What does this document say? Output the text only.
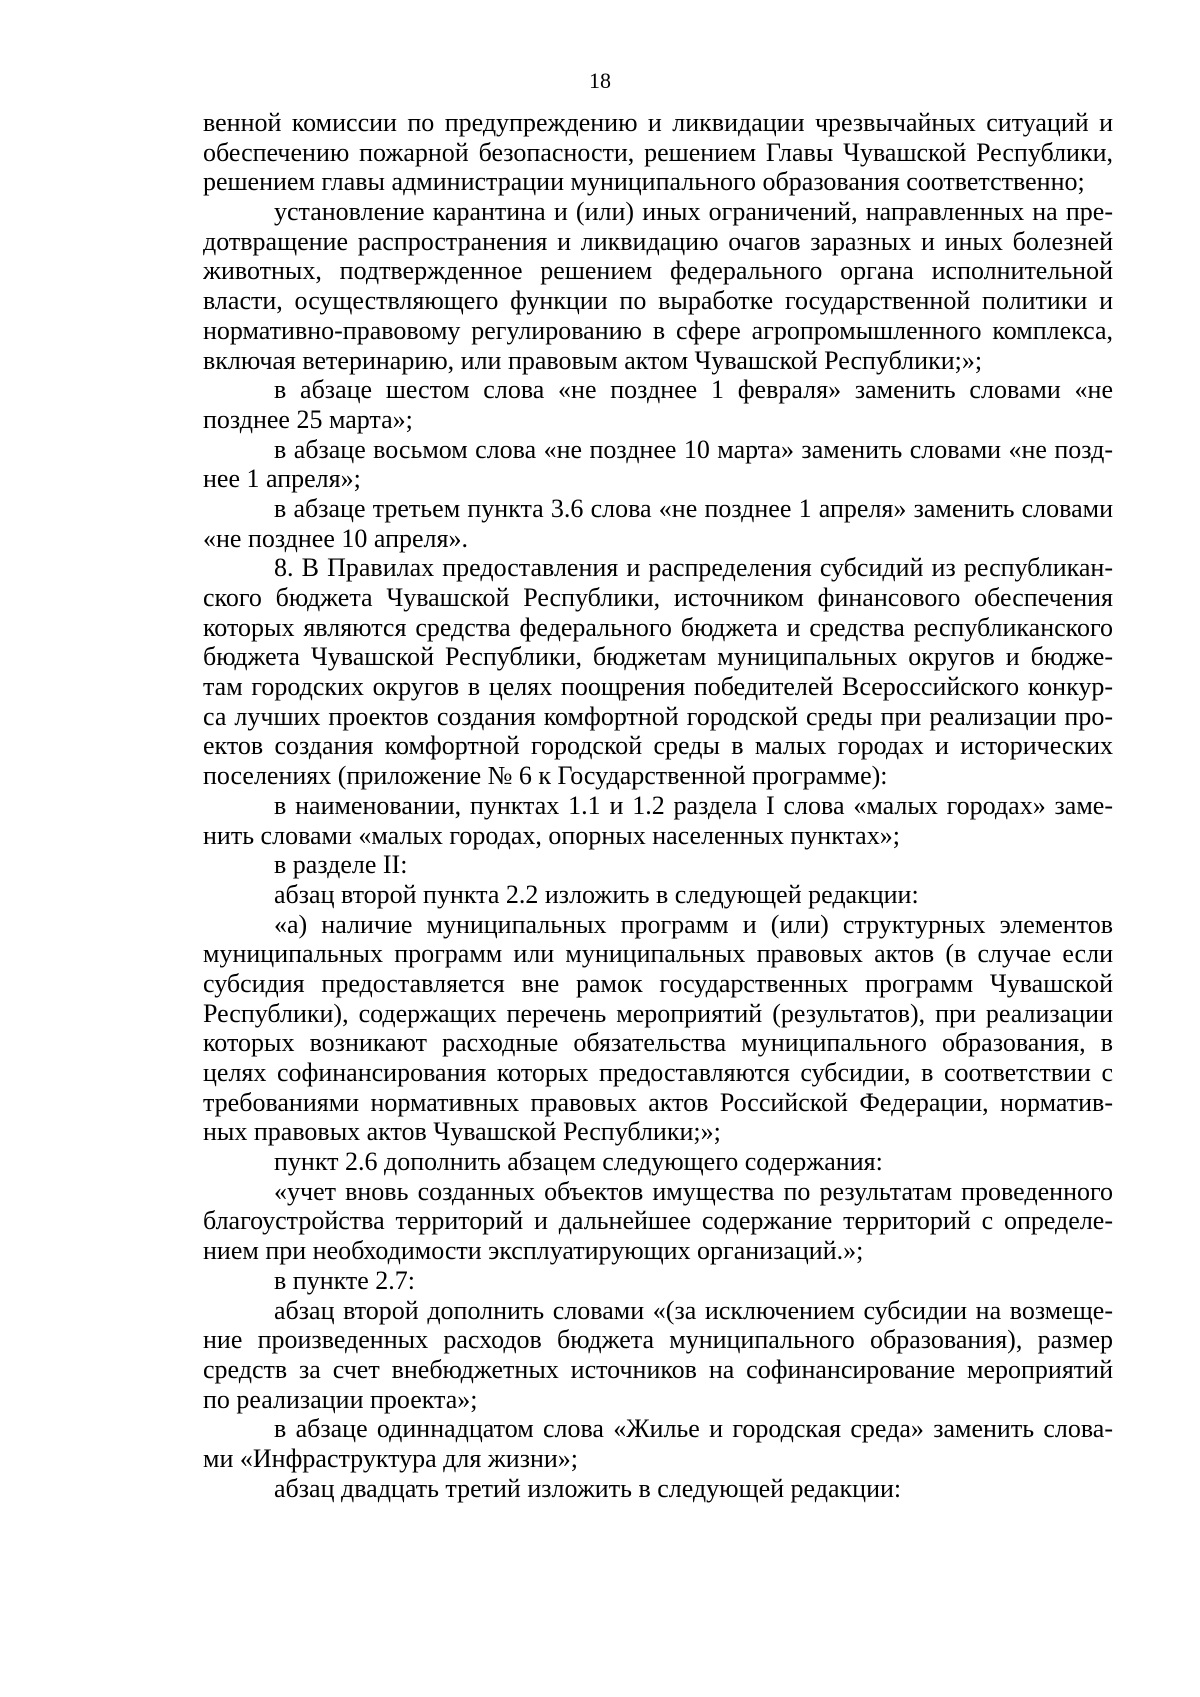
18
венной комиссии по предупреждению и ликвидации чрезвычайных ситуаций и
обеспечению пожарной безопасности, решением Главы Чувашской Республики,
решением главы администрации муниципального образования соответственно;
установление карантина и (или) иных ограничений, направленных на пре-
дотвращение распространения и ликвидацию очагов заразных и иных болезней
животных, подтвержденное решением федерального органа исполнительной
власти, осуществляющего функции по выработке государственной политики и
нормативно-правовому регулированию в сфере агропромышленного комплекса,
включая ветеринарию, или правовым актом Чувашской Республики;»;
в абзаце шестом слова «не позднее 1 февраля» заменить словами «не
позднее 25 марта»;
в абзаце восьмом слова «не позднее 10 марта» заменить словами «не позд-
нее 1 апреля»;
в абзаце третьем пункта 3.6 слова «не позднее 1 апреля» заменить словами
«не позднее 10 апреля».
8. В Правилах предоставления и распределения субсидий из республикан-
ского бюджета Чувашской Республики, источником финансового обеспечения
которых являются средства федерального бюджета и средства республиканского
бюджета Чувашской Республики, бюджетам муниципальных округов и бюдже-
там городских округов в целях поощрения победителей Всероссийского конкур-
са лучших проектов создания комфортной городской среды при реализации про-
ектов создания комфортной городской среды в малых городах и исторических
поселениях (приложение № 6 к Государственной программе):
в наименовании, пунктах 1.1 и 1.2 раздела I слова «малых городах» заме-
нить словами «малых городах, опорных населенных пунктах»;
в разделе II:
абзац второй пункта 2.2 изложить в следующей редакции:
«а) наличие муниципальных программ и (или) структурных элементов
муниципальных программ или муниципальных правовых актов (в случае если
субсидия предоставляется вне рамок государственных программ Чувашской
Республики), содержащих перечень мероприятий (результатов), при реализации
которых возникают расходные обязательства муниципального образования, в
целях софинансирования которых предоставляются субсидии, в соответствии с
требованиями нормативных правовых актов Российской Федерации, норматив-
ных правовых актов Чувашской Республики;»;
пункт 2.6 дополнить абзацем следующего содержания:
«учет вновь созданных объектов имущества по результатам проведенного
благоустройства территорий и дальнейшее содержание территорий с определе-
нием при необходимости эксплуатирующих организаций.»;
в пункте 2.7:
абзац второй дополнить словами «(за исключением субсидии на возмеще-
ние произведенных расходов бюджета муниципального образования), размер
средств за счет внебюджетных источников на софинансирование мероприятий
по реализации проекта»;
в абзаце одиннадцатом слова «Жилье и городская среда» заменить слова-
ми «Инфраструктура для жизни»;
абзац двадцать третий изложить в следующей редакции:
